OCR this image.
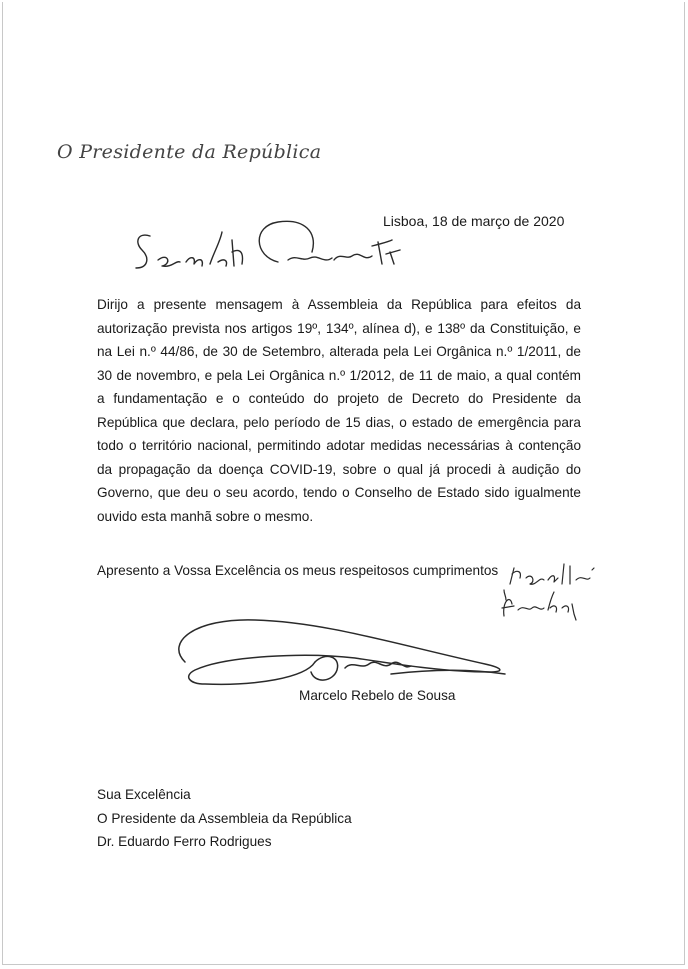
O Presidente da República
Lisboa, 18 de março de 2020
Dirijo a presente mensagem à Assembleia da República para efeitos da autorização prevista nos artigos 19º, 134º, alínea d), e 138º da Constituição, e na Lei n.º 44/86, de 30 de Setembro, alterada pela Lei Orgânica n.º 1/2011, de 30 de novembro, e pela Lei Orgânica n.º 1/2012, de 11 de maio, a qual contém a fundamentação e o conteúdo do projeto de Decreto do Presidente da República que declara, pelo período de 15 dias, o estado de emergência para todo o território nacional, permitindo adotar medidas necessárias à contenção da propagação da doença COVID-19, sobre o qual já procedi à audição do Governo, que deu o seu acordo, tendo o Conselho de Estado sido igualmente ouvido esta manhã sobre o mesmo.
Apresento a Vossa Excelência os meus respeitosos cumprimentos
Marcelo Rebelo de Sousa
Sua Excelência
O Presidente da Assembleia da República
Dr. Eduardo Ferro Rodrigues
